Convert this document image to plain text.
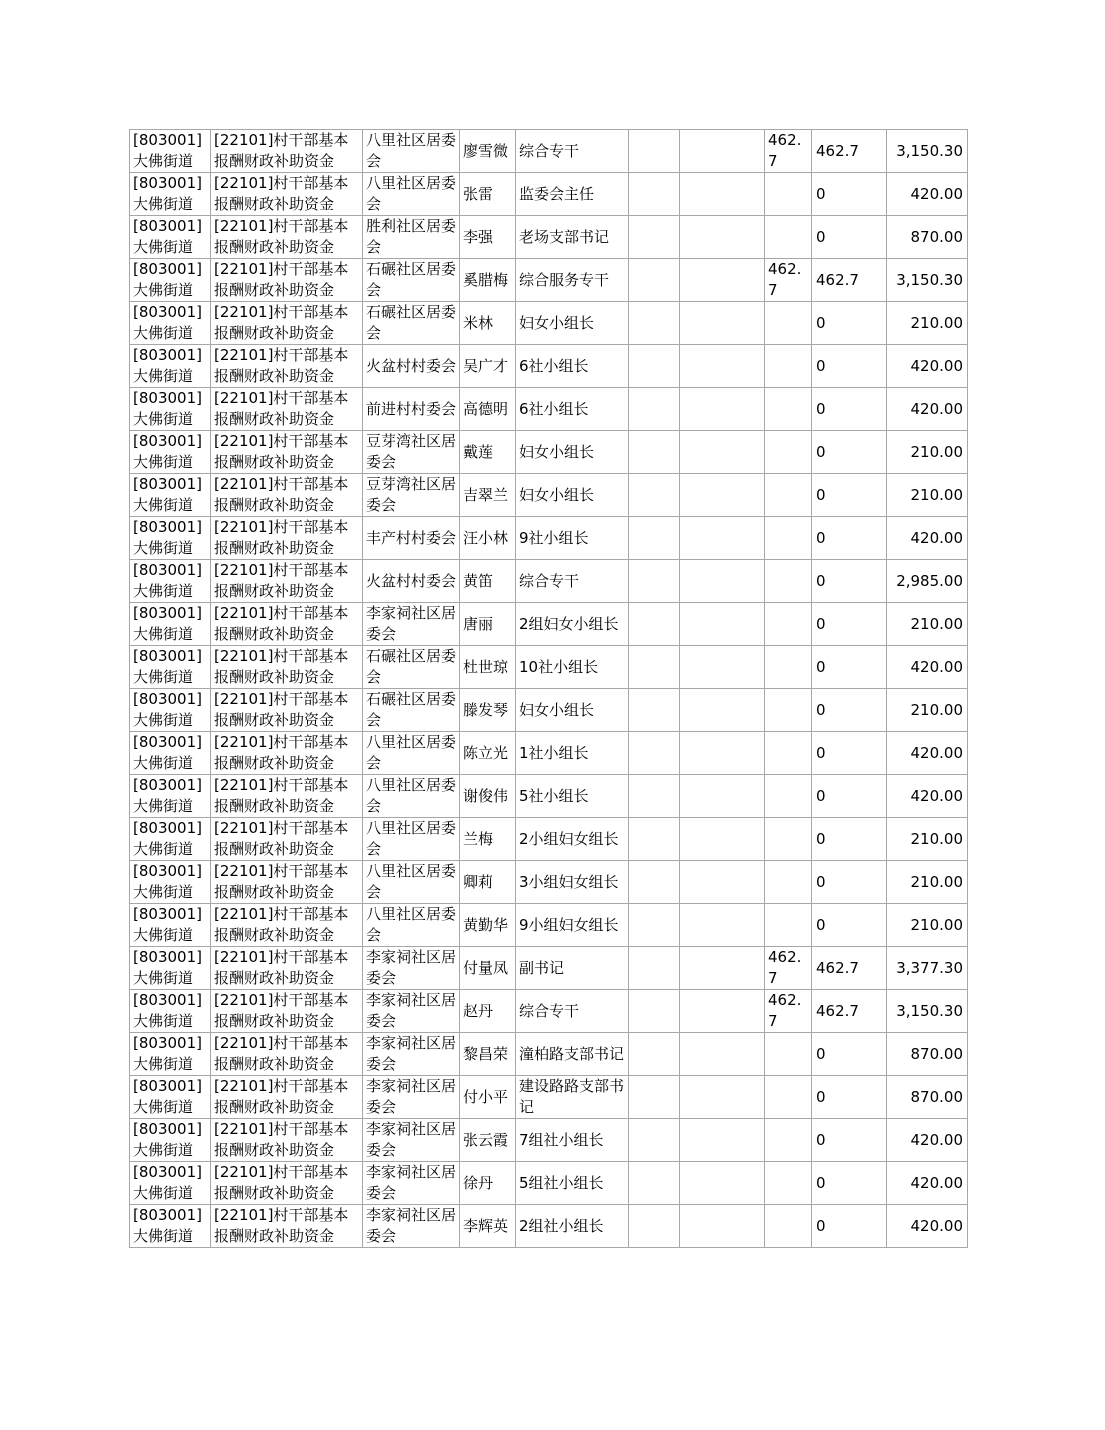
[803001]大佛街道	[22101]村干部基本报酬财政补助资金	八里社区居委会	廖雪微	综合专干			462.7	462.7	3,150.30
[803001]大佛街道	[22101]村干部基本报酬财政补助资金	八里社区居委会	张雷	监委会主任				0	420.00
[803001]大佛街道	[22101]村干部基本报酬财政补助资金	胜利社区居委会	李强	老场支部书记				0	870.00
[803001]大佛街道	[22101]村干部基本报酬财政补助资金	石碾社区居委会	奚腊梅	综合服务专干			462.7	462.7	3,150.30
[803001]大佛街道	[22101]村干部基本报酬财政补助资金	石碾社区居委会	米林	妇女小组长				0	210.00
[803001]大佛街道	[22101]村干部基本报酬财政补助资金	火盆村村委会	吴广才	6社小组长				0	420.00
[803001]大佛街道	[22101]村干部基本报酬财政补助资金	前进村村委会	高德明	6社小组长				0	420.00
[803001]大佛街道	[22101]村干部基本报酬财政补助资金	豆芽湾社区居委会	戴莲	妇女小组长				0	210.00
[803001]大佛街道	[22101]村干部基本报酬财政补助资金	豆芽湾社区居委会	吉翠兰	妇女小组长				0	210.00
[803001]大佛街道	[22101]村干部基本报酬财政补助资金	丰产村村委会	汪小林	9社小组长				0	420.00
[803001]大佛街道	[22101]村干部基本报酬财政补助资金	火盆村村委会	黄笛	综合专干				0	2,985.00
[803001]大佛街道	[22101]村干部基本报酬财政补助资金	李家祠社区居委会	唐丽	2组妇女小组长				0	210.00
[803001]大佛街道	[22101]村干部基本报酬财政补助资金	石碾社区居委会	杜世琼	10社小组长				0	420.00
[803001]大佛街道	[22101]村干部基本报酬财政补助资金	石碾社区居委会	滕发琴	妇女小组长				0	210.00
[803001]大佛街道	[22101]村干部基本报酬财政补助资金	八里社区居委会	陈立光	1社小组长				0	420.00
[803001]大佛街道	[22101]村干部基本报酬财政补助资金	八里社区居委会	谢俊伟	5社小组长				0	420.00
[803001]大佛街道	[22101]村干部基本报酬财政补助资金	八里社区居委会	兰梅	2小组妇女组长				0	210.00
[803001]大佛街道	[22101]村干部基本报酬财政补助资金	八里社区居委会	卿莉	3小组妇女组长				0	210.00
[803001]大佛街道	[22101]村干部基本报酬财政补助资金	八里社区居委会	黄勤华	9小组妇女组长				0	210.00
[803001]大佛街道	[22101]村干部基本报酬财政补助资金	李家祠社区居委会	付量凤	副书记			462.7	462.7	3,377.30
[803001]大佛街道	[22101]村干部基本报酬财政补助资金	李家祠社区居委会	赵丹	综合专干			462.7	462.7	3,150.30
[803001]大佛街道	[22101]村干部基本报酬财政补助资金	李家祠社区居委会	黎昌荣	潼柏路支部书记				0	870.00
[803001]大佛街道	[22101]村干部基本报酬财政补助资金	李家祠社区居委会	付小平	建设路路支部书记				0	870.00
[803001]大佛街道	[22101]村干部基本报酬财政补助资金	李家祠社区居委会	张云霞	7组社小组长				0	420.00
[803001]大佛街道	[22101]村干部基本报酬财政补助资金	李家祠社区居委会	徐丹	5组社小组长				0	420.00
[803001]大佛街道	[22101]村干部基本报酬财政补助资金	李家祠社区居委会	李辉英	2组社小组长				0	420.00
